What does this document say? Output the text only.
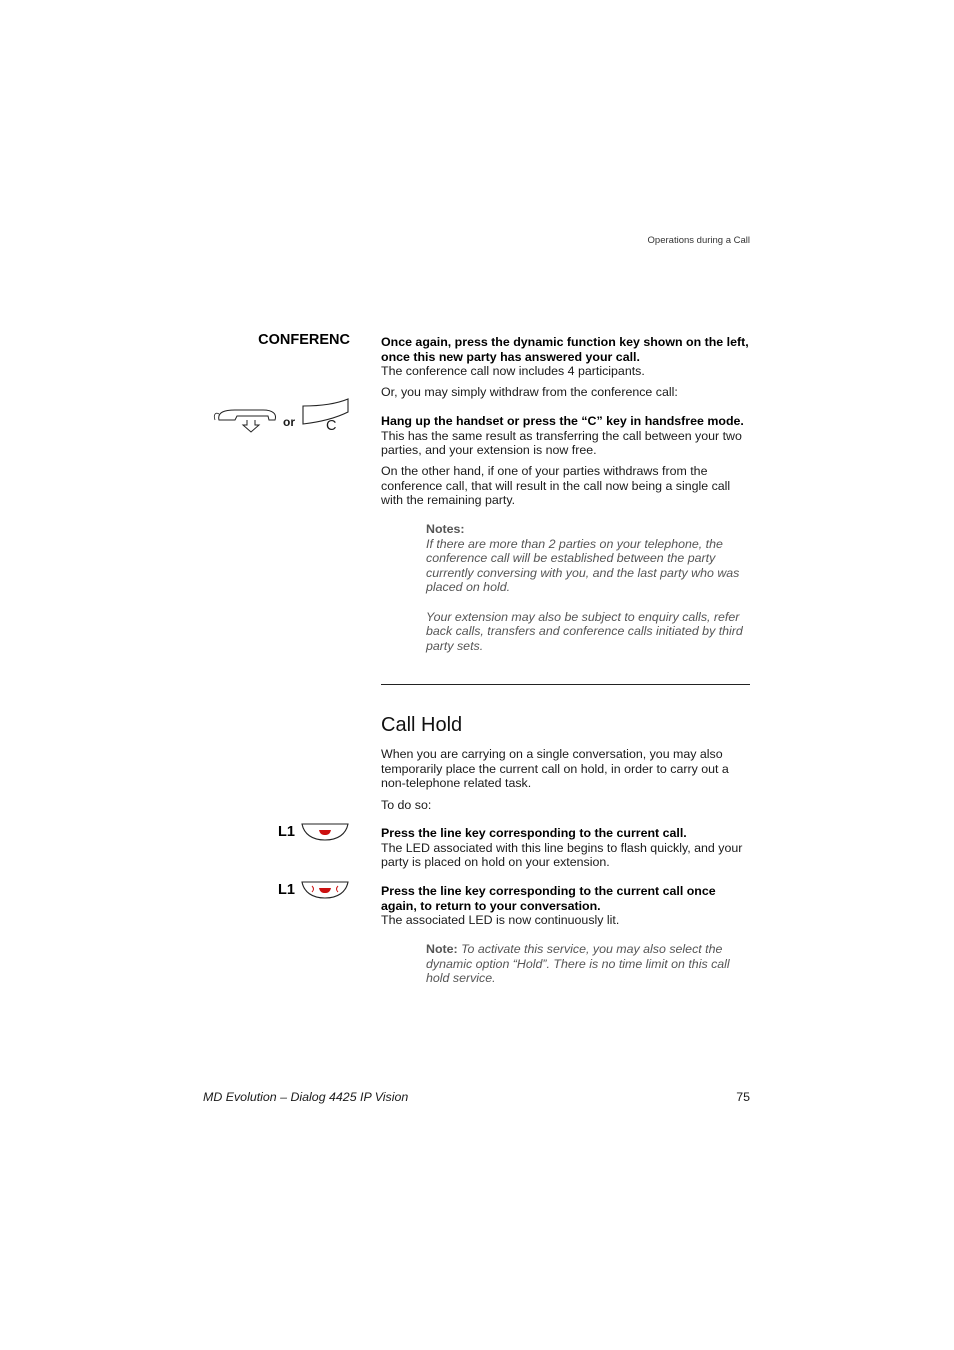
Operations during a Call
CONFERENC	Once again, press the dynamic function key shown on the left, once this new party has answered your call.

The conference call now includes 4 participants.

Or, you may simply withdraw from the conference call:
or C	Hang up the handset or press the “C” key in handsfree mode.

This has the same result as transferring the call between your two parties, and your extension is now free.

On the other hand, if one of your parties withdraws from the conference call, that will result in the call now being a single call with the remaining party.

Notes:

If there are more than 2 parties on your telephone, the conference call will be established between the party currently conversing with you, and the last party who was placed on hold.

Your extension may also be subject to enquiry calls, refer back calls, transfers and conference calls initiated by third party sets.

Call Hold
When you are carrying on a single conversation, you may also temporarily place the current call on hold, in order to carry out a non-telephone related task.
To do so:
L1	Press the line key corresponding to the current call.

The LED associated with this line begins to flash quickly, and your party is placed on hold on your extension.

L1	Press the line key corresponding to the current call once again, to return to your conversation.

The associated LED is now continuously lit.

Note: To activate this service, you may also select the dynamic option “Hold”. There is no time limit on this call hold service.
MD Evolution – Dialog 4425 IP Vision	75
